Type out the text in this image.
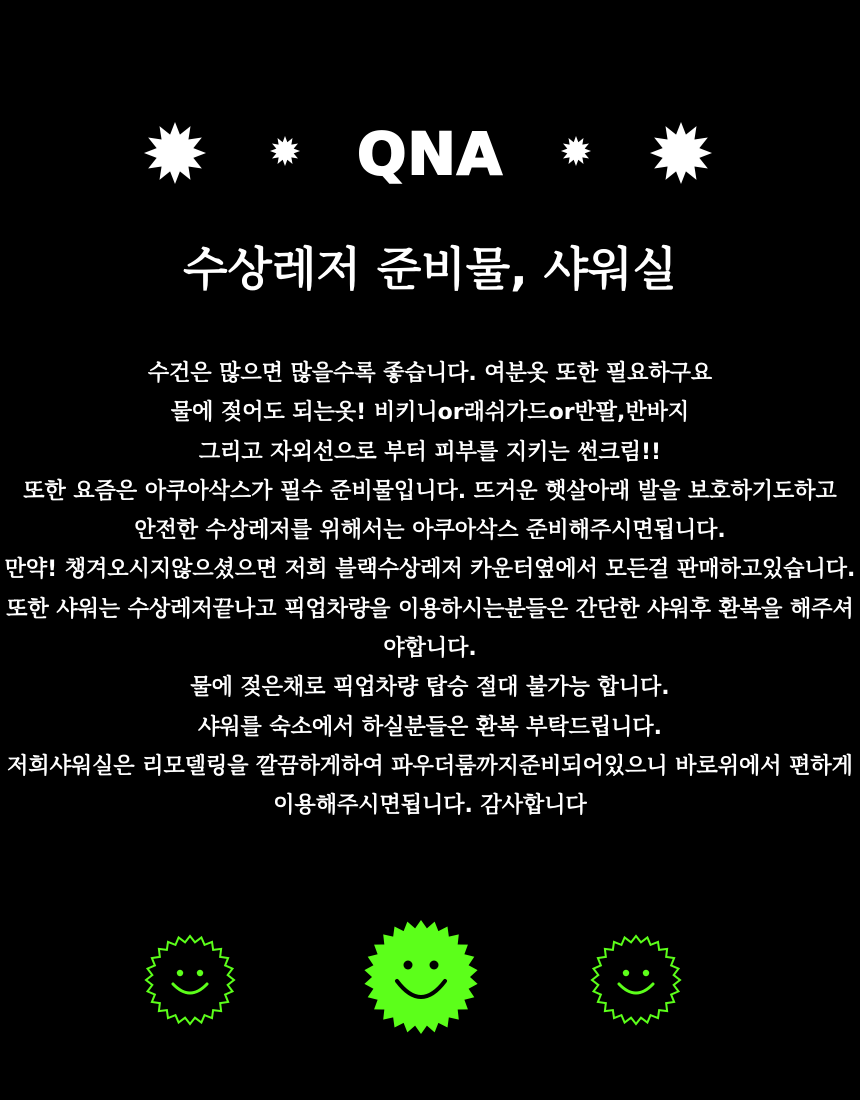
QNA
수상레저 준비물, 샤워실
수건은 많으면 많을수록 좋습니다. 여분옷 또한 필요하구요
물에 젖어도 되는옷! 비키니or래쉬가드or반팔,반바지
그리고 자외선으로 부터 피부를 지키는 썬크림!!
또한 요즘은 아쿠아삭스가 필수 준비물입니다. 뜨거운 햇살아래 발을 보호하기도하고
안전한 수상레저를 위해서는 아쿠아삭스 준비해주시면됩니다.
만약! 챙겨오시지않으셨으면 저희 블랙수상레저 카운터옆에서 모든걸 판매하고있습니다.
또한 샤워는 수상레저끝나고 픽업차량을 이용하시는분들은 간단한 샤워후 환복을 해주셔야합니다.
물에 젖은채로 픽업차량 탑승 절대 불가능 합니다.
샤워를 숙소에서 하실분들은 환복 부탁드립니다.
저희샤워실은 리모델링을 깔끔하게하여 파우더룸까지준비되어있으니 바로위에서 편하게 이용해주시면됩니다. 감사합니다
